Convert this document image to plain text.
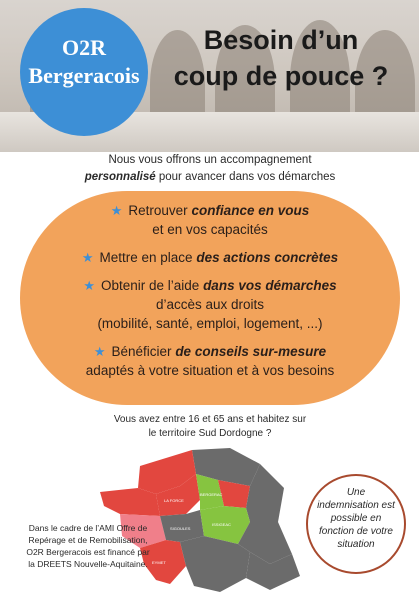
O2R
Bergeracois
Besoin d’un
coup de pouce ?
Nous vous offrons un accompagnement
personnalisé pour avancer dans vos démarches
★ Retrouver confiance en vous
et en vos capacités
★ Mettre en place des actions concrètes
★ Obtenir de l’aide dans vos démarches
d’accès aux droits
(mobilité, santé, emploi, logement, ...)
★ Bénéficier de conseils sur-mesure
adaptés à votre situation et à vos besoins
Vous avez entre 16 et 65 ans et habitez sur
le territoire Sud Dordogne ?
LA FORCE
BERGERAC
SIGOULES
ISSIGEAC
EYMET
Dans le cadre de l’AMI Offre de
Repérage et de Remobilisation,
O2R Bergeracois est financé par
la DREETS Nouvelle-Aquitaine.
Une
indemnisation est
possible en
fonction de votre
situation
